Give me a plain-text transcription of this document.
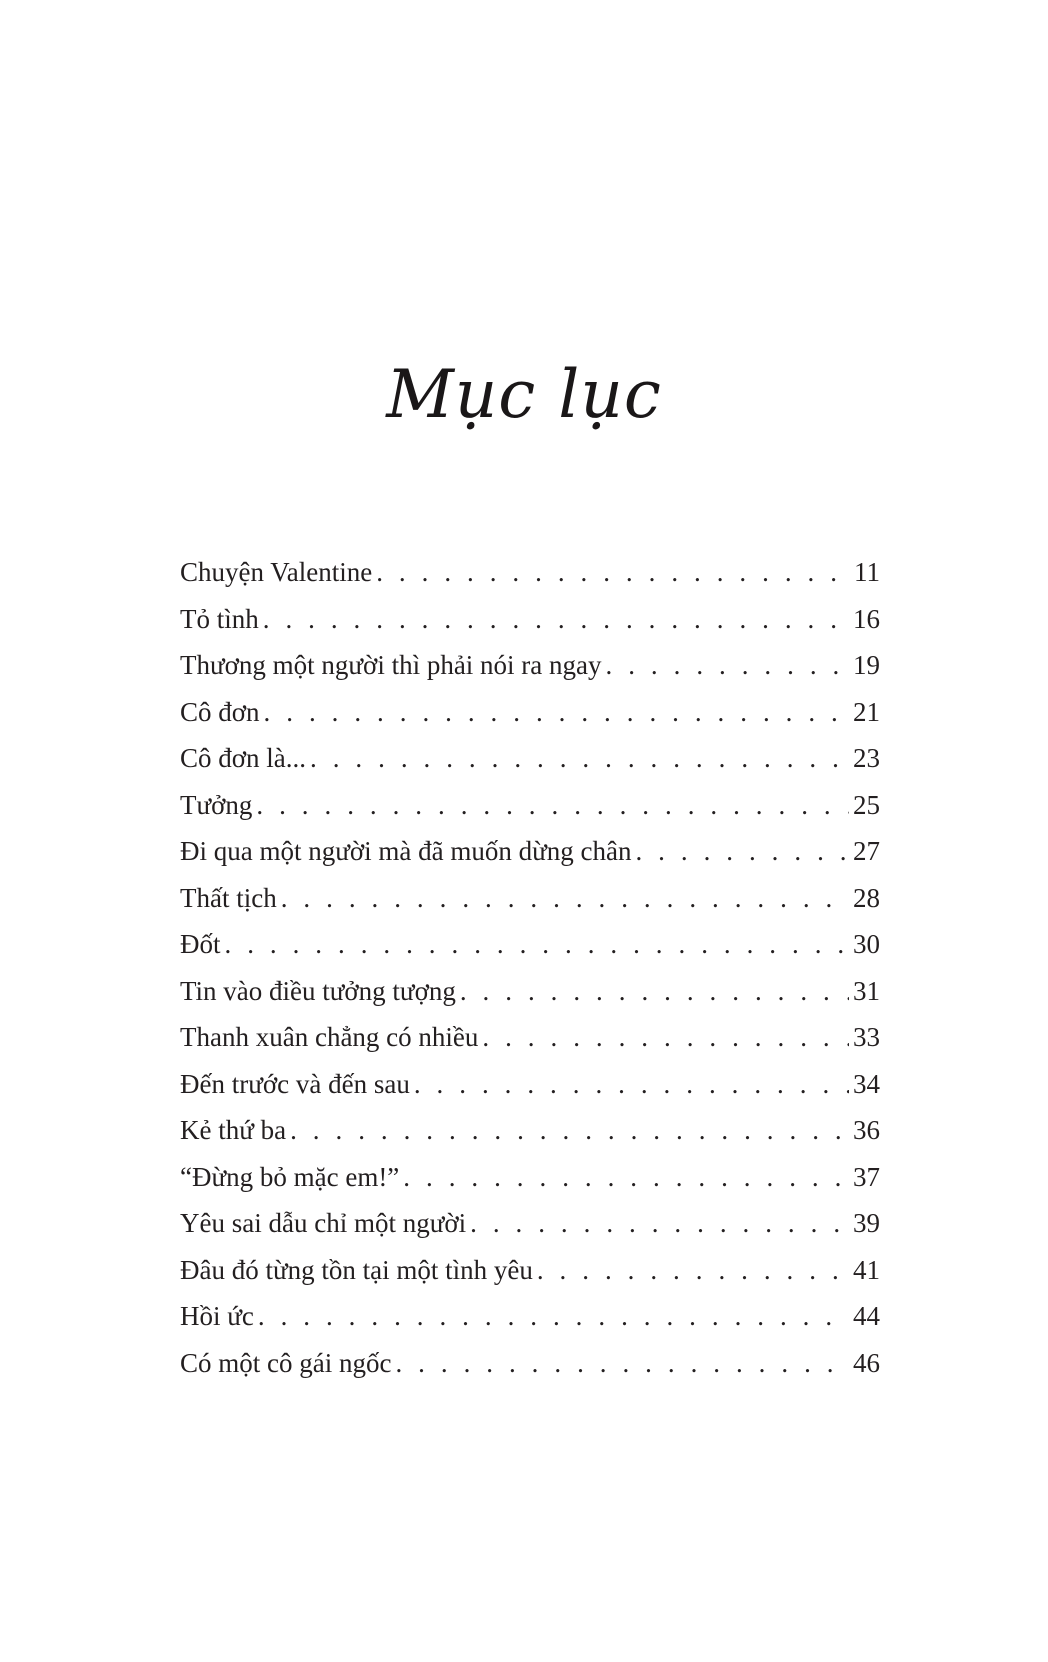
Mục lục
Chuyện Valentine . . .	11
Tỏ tình . . .	16
Thương một người thì phải nói ra ngay . . .	19
Cô đơn . . .	21
Cô đơn là... . . .	23
Tưởng . . .	25
Đi qua một người mà đã muốn dừng chân . . .	27
Thất tịch . . .	28
Đốt . . .	30
Tin vào điều tưởng tượng . . .	31
Thanh xuân chẳng có nhiều . . .	33
Đến trước và đến sau . . .	34
Kẻ thứ ba . . .	36
“Đừng bỏ mặc em!” . . .	37
Yêu sai dẫu chỉ một người . . .	39
Đâu đó từng tồn tại một tình yêu . . .	41
Hồi ức . . .	44
Có một cô gái ngốc . . .	46
